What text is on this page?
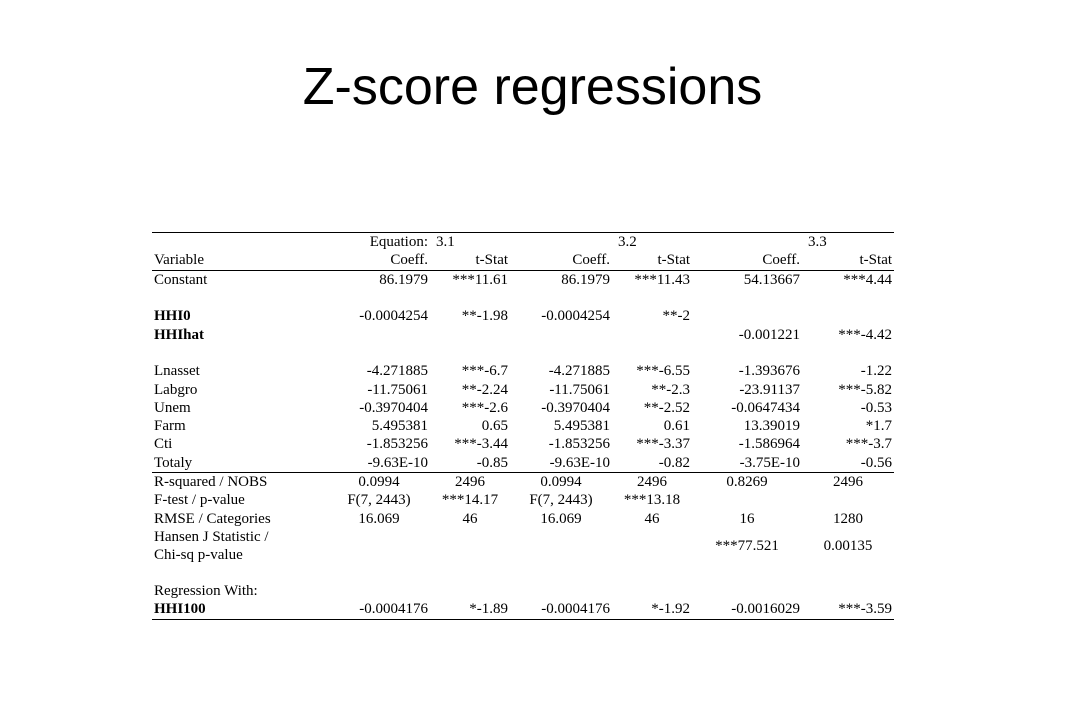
Z-score regressions
Equation:		3.1		3.2		3.3
Variable	Coeff.	t-Stat	Coeff.	t-Stat	Coeff.	t-Stat
Constant	86.1979	***11.61	86.1979	***11.43	54.13667	***4.44

HHI0	-0.0004254	**-1.98	-0.0004254	**-2		
HHIhat					-0.001221	***-4.42

Lnasset	-4.271885	***-6.7	-4.271885	***-6.55	-1.393676	-1.22
Labgro	-11.75061	**-2.24	-11.75061	**-2.3	-23.91137	***-5.82
Unem	-0.3970404	***-2.6	-0.3970404	**-2.52	-0.0647434	-0.53
Farm	5.495381	0.65	5.495381	0.61	13.39019	*1.7
Cti	-1.853256	***-3.44	-1.853256	***-3.37	-1.586964	***-3.7
Totaly	-9.63E-10	-0.85	-9.63E-10	-0.82	-3.75E-10	-0.56
R-squared / NOBS	0.0994	2496	0.0994	2496	0.8269	2496
F-test / p-value	F(7, 2443)	***14.17	F(7, 2443)	***13.18		
RMSE / Categories	16.069	46	16.069	46	16	1280

Hansen J Statistic /
Chi-sq p-value					***77.521	0.00135

Regression With:						
HHI100	-0.0004176	*-1.89	-0.0004176	*-1.92	-0.0016029	***-3.59
